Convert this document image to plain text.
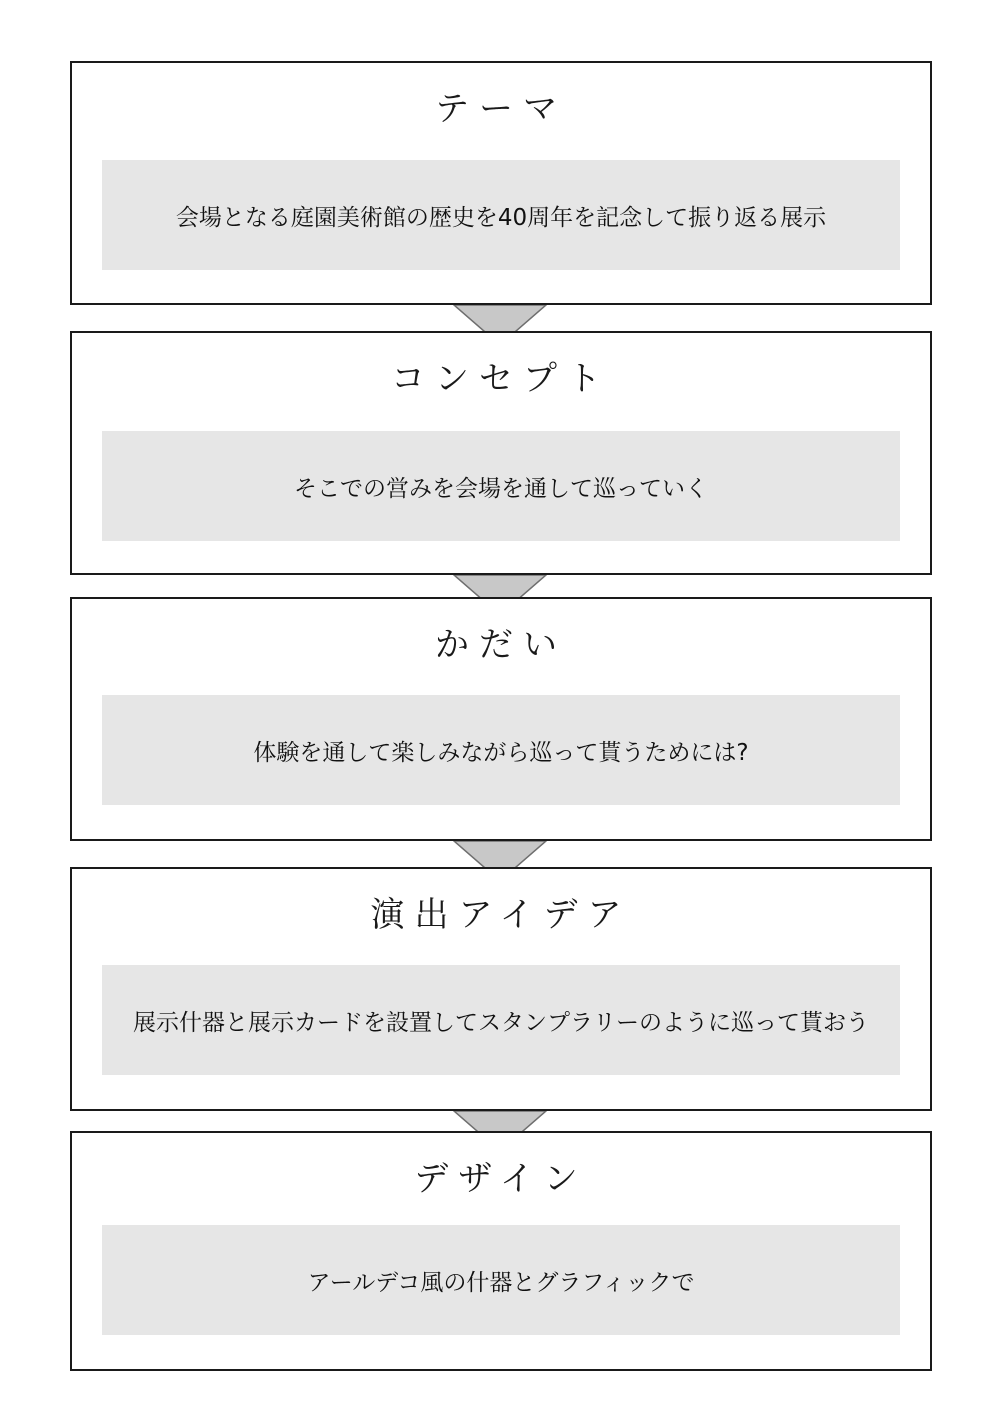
テーマ
会場となる庭園美術館の歴史を40周年を記念して振り返る展示
コンセプト
そこでの営みを会場を通して巡っていく
かだい
体験を通して楽しみながら巡って貰うためには?
演出アイデア
展示什器と展示カードを設置してスタンプラリーのように巡って貰おう
デザイン
アールデコ風の什器とグラフィックで
